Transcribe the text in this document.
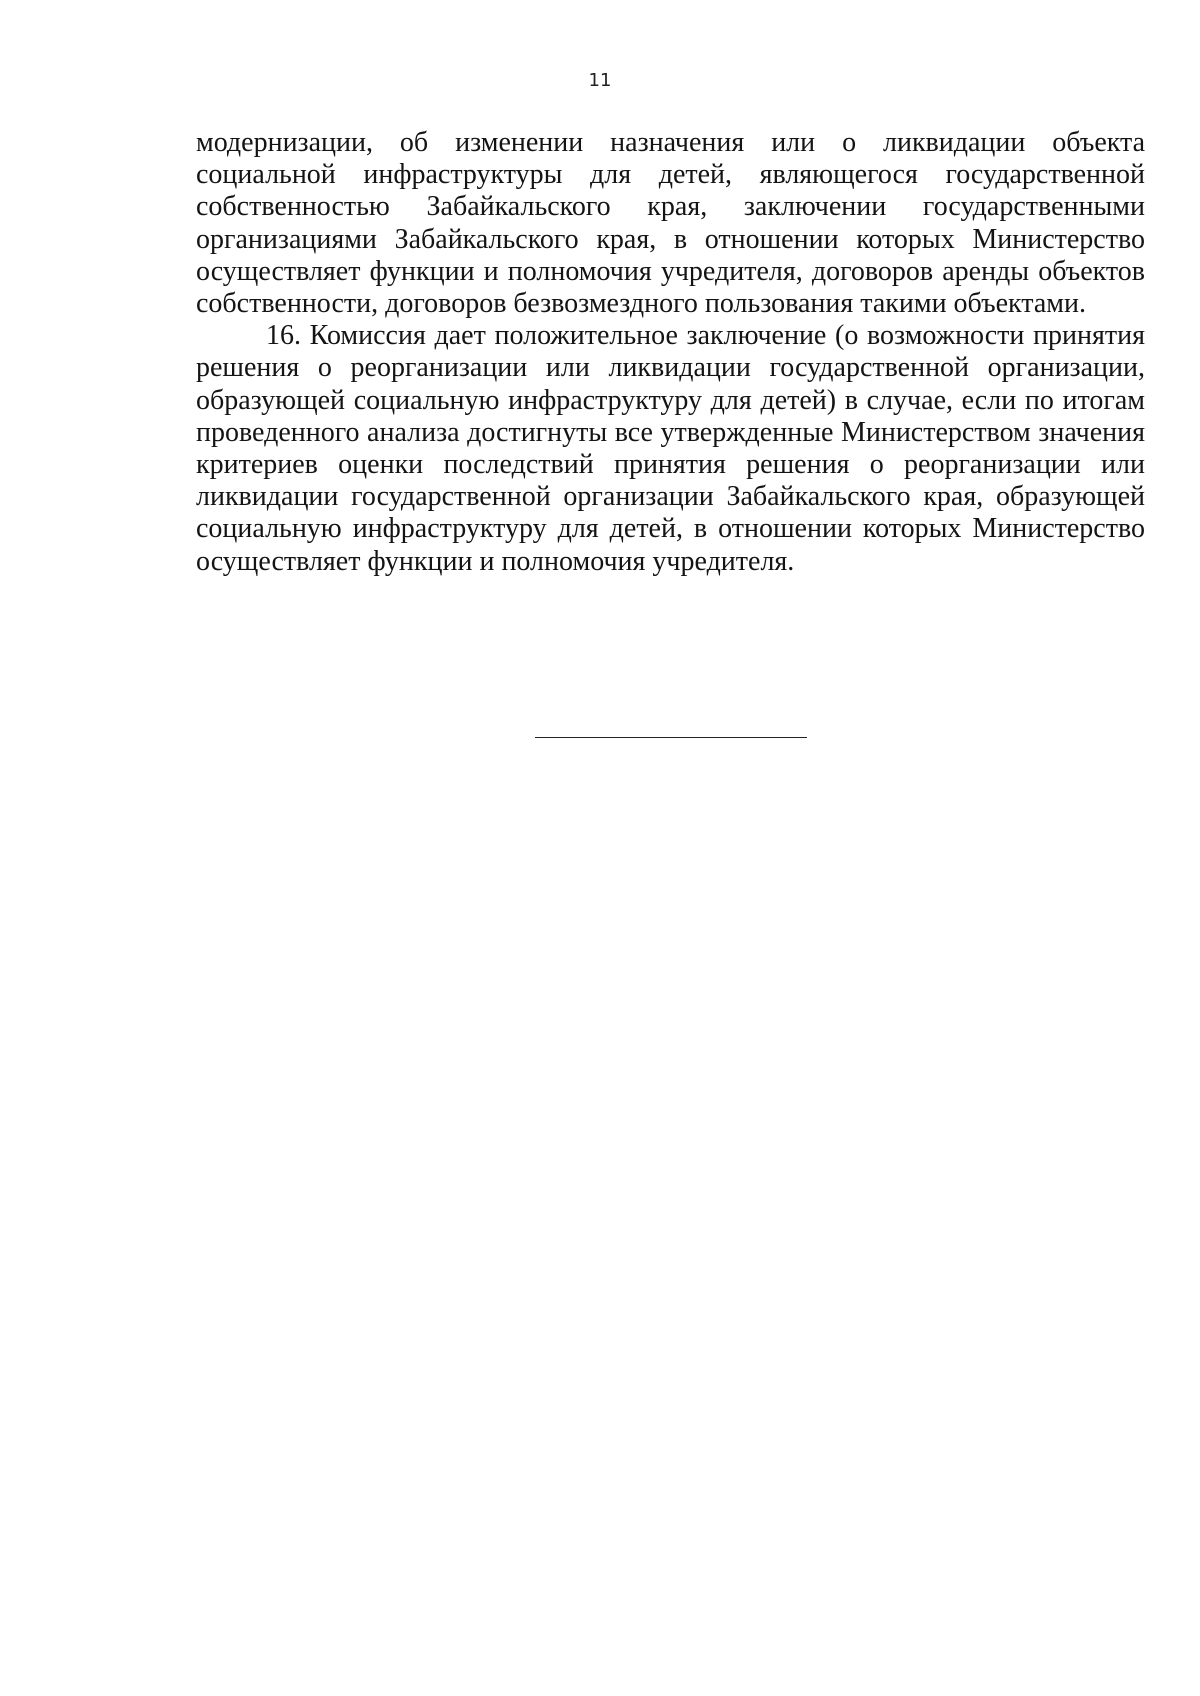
11

модернизации, об изменении назначения или о ликвидации объекта социальной инфраструктуры для детей, являющегося государственной собственностью Забайкальского края, заключении государственными организациями Забайкальского края, в отношении которых Министерство осуществляет функции и полномочия учредителя, договоров аренды объектов собственности, договоров безвозмездного пользования такими объектами.

16. Комиссия дает положительное заключение (о возможности принятия решения о реорганизации или ликвидации государственной организации, образующей социальную инфраструктуру для детей) в случае, если по итогам проведенного анализа достигнуты все утвержденные Министерством значения критериев оценки последствий принятия решения о реорганизации или ликвидации государственной организации Забайкальского края, образующей социальную инфраструктуру для детей, в отношении которых Министерство осуществляет функции и полномочия учредителя.
